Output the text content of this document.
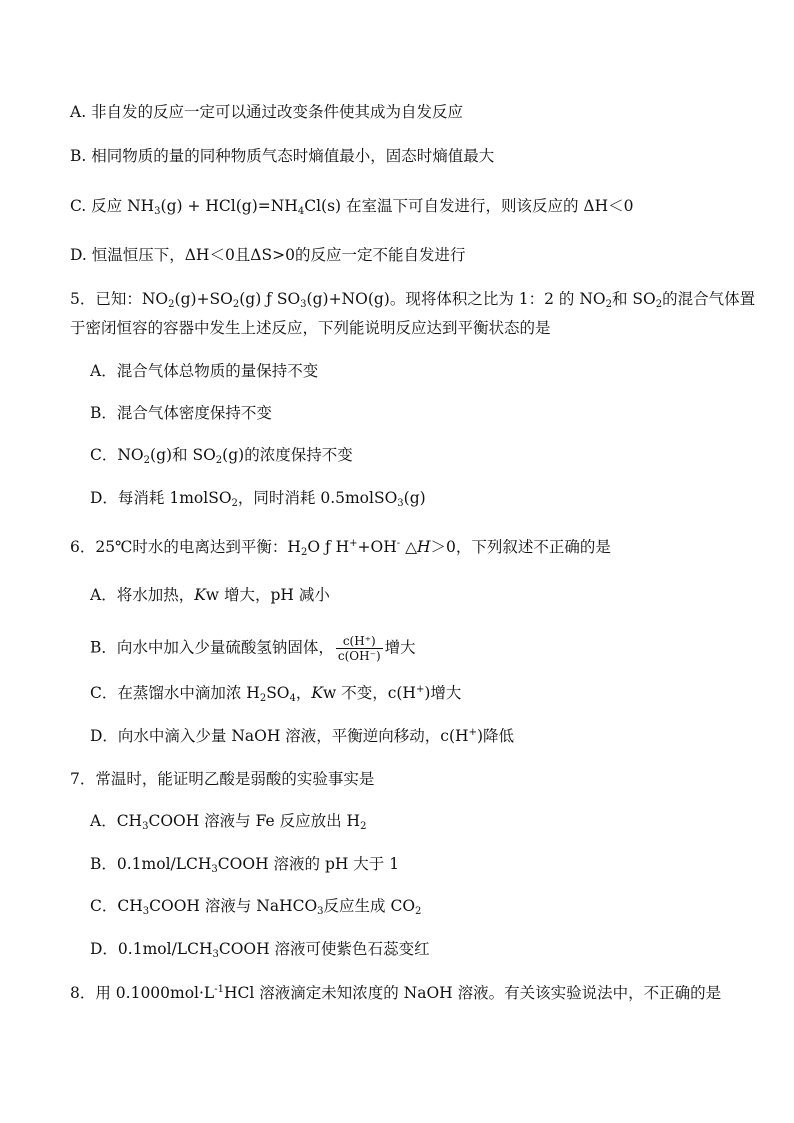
A. 非自发的反应一定可以通过改变条件使其成为自发反应
B. 相同物质的量的同种物质气态时熵值最小，固态时熵值最大
C. 反应 $NH_3(g) + HCl(g)=NH_4Cl(s)$ 在室温下可自发进行，则该反应的 ΔH＜0
D. 恒温恒压下，ΔH＜0且ΔS>0的反应一定不能自发进行
5．已知：$NO_2(g)+SO_2(g)$ ƒ $SO_3(g)+NO(g)$。现将体积之比为 1：2 的 $NO_2$和 $SO_2$的混合气体置
于密闭恒容的容器中发生上述反应，下列能说明反应达到平衡状态的是
A．混合气体总物质的量保持不变
B．混合气体密度保持不变
C．$NO_2(g)$和 $SO_2(g)$的浓度保持不变
D．每消耗 1molSO$_2$，同时消耗 0.5molSO$_3$(g)
6．25℃时水的电离达到平衡：$H_2O$ ƒ H++OH- △H＞0，下列叙述不正确的是
A．将水加热，Kw 增大，pH 减小
B．向水中加入少量硫酸氢钠固体， $\frac{c(H^+)}{c(OH^-)}$ 增大
C．在蒸馏水中滴加浓 $H_2SO_4$，Kw 不变，c(H+)增大
D．向水中滴入少量 NaOH 溶液，平衡逆向移动，c(H+)降低
7．常温时，能证明乙酸是弱酸的实验事实是
A．$CH_3COOH$ 溶液与 Fe 反应放出 $H_2$
B．$0.1mol/LCH_3COOH$ 溶液的 pH 大于 1
C．$CH_3COOH$ 溶液与 NaHCO$_3$反应生成 $CO_2$
D．$0.1mol/LCH_3COOH$ 溶液可使紫色石蕊变红
8．用 $0.1000mol\cdot L^{-1}HCl$ 溶液滴定未知浓度的 NaOH 溶液。有关该实验说法中，不正确的是
